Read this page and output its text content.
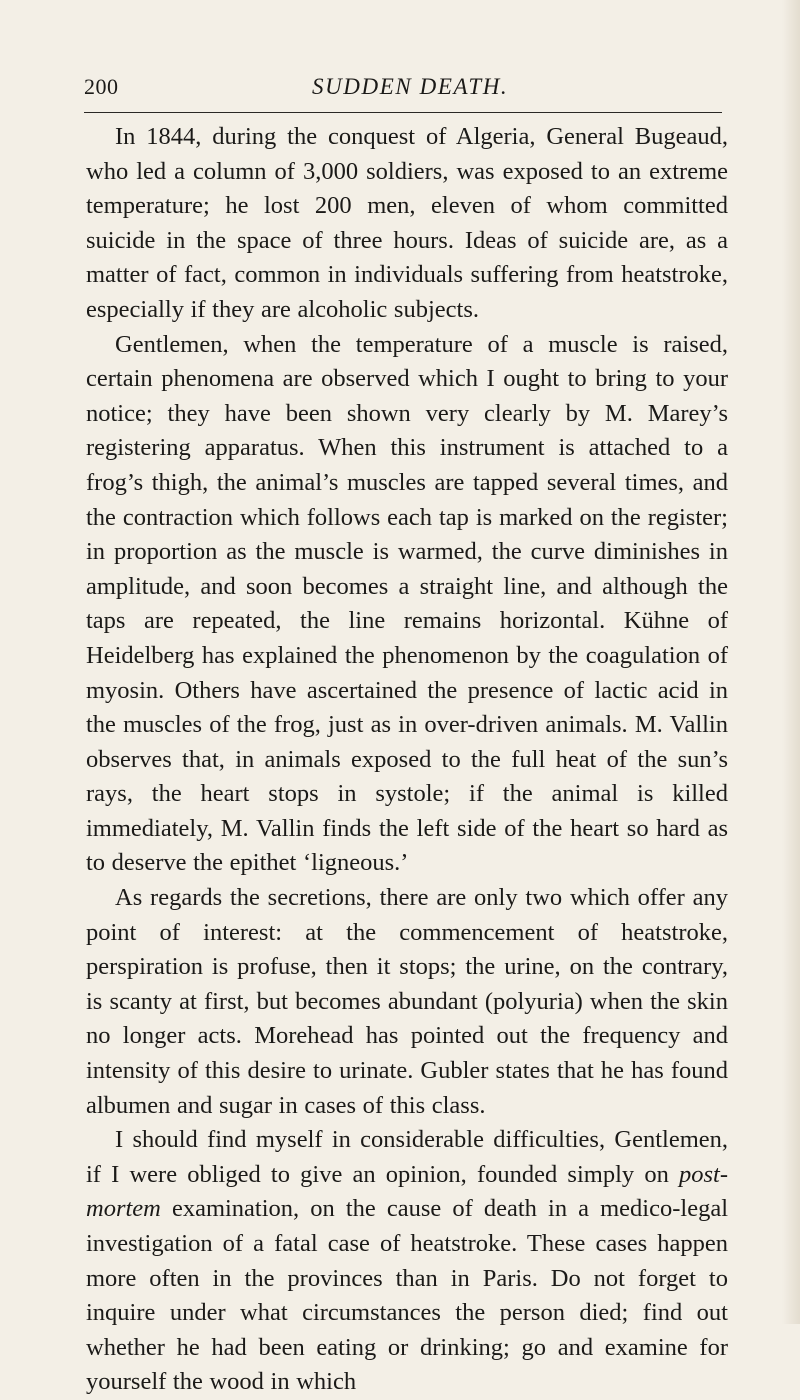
200	SUDDEN DEATH.

In 1844, during the conquest of Algeria, General Bugeaud, who led a column of 3,000 soldiers, was exposed to an extreme temperature; he lost 200 men, eleven of whom committed suicide in the space of three hours. Ideas of suicide are, as a matter of fact, common in individuals suffering from heatstroke, especially if they are alcoholic subjects.

Gentlemen, when the temperature of a muscle is raised, certain phenomena are observed which I ought to bring to your notice; they have been shown very clearly by M. Marey’s registering apparatus. When this instrument is attached to a frog’s thigh, the animal’s muscles are tapped several times, and the contraction which follows each tap is marked on the register; in proportion as the muscle is warmed, the curve diminishes in amplitude, and soon becomes a straight line, and although the taps are repeated, the line remains horizontal. Kühne of Heidelberg has explained the phenomenon by the coagulation of myosin. Others have ascertained the presence of lactic acid in the muscles of the frog, just as in over-driven animals. M. Vallin observes that, in animals exposed to the full heat of the sun’s rays, the heart stops in systole; if the animal is killed immediately, M. Vallin finds the left side of the heart so hard as to deserve the epithet ‘ligneous.’

As regards the secretions, there are only two which offer any point of interest: at the commencement of heatstroke, perspiration is profuse, then it stops; the urine, on the contrary, is scanty at first, but becomes abundant (polyuria) when the skin no longer acts. Morehead has pointed out the frequency and intensity of this desire to urinate. Gubler states that he has found albumen and sugar in cases of this class.

I should find myself in considerable difficulties, Gentlemen, if I were obliged to give an opinion, founded simply on post-mortem examination, on the cause of death in a medico-legal investigation of a fatal case of heatstroke. These cases happen more often in the provinces than in Paris. Do not forget to inquire under what circumstances the person died; find out whether he had been eating or drinking; go and examine for yourself the wood in which
